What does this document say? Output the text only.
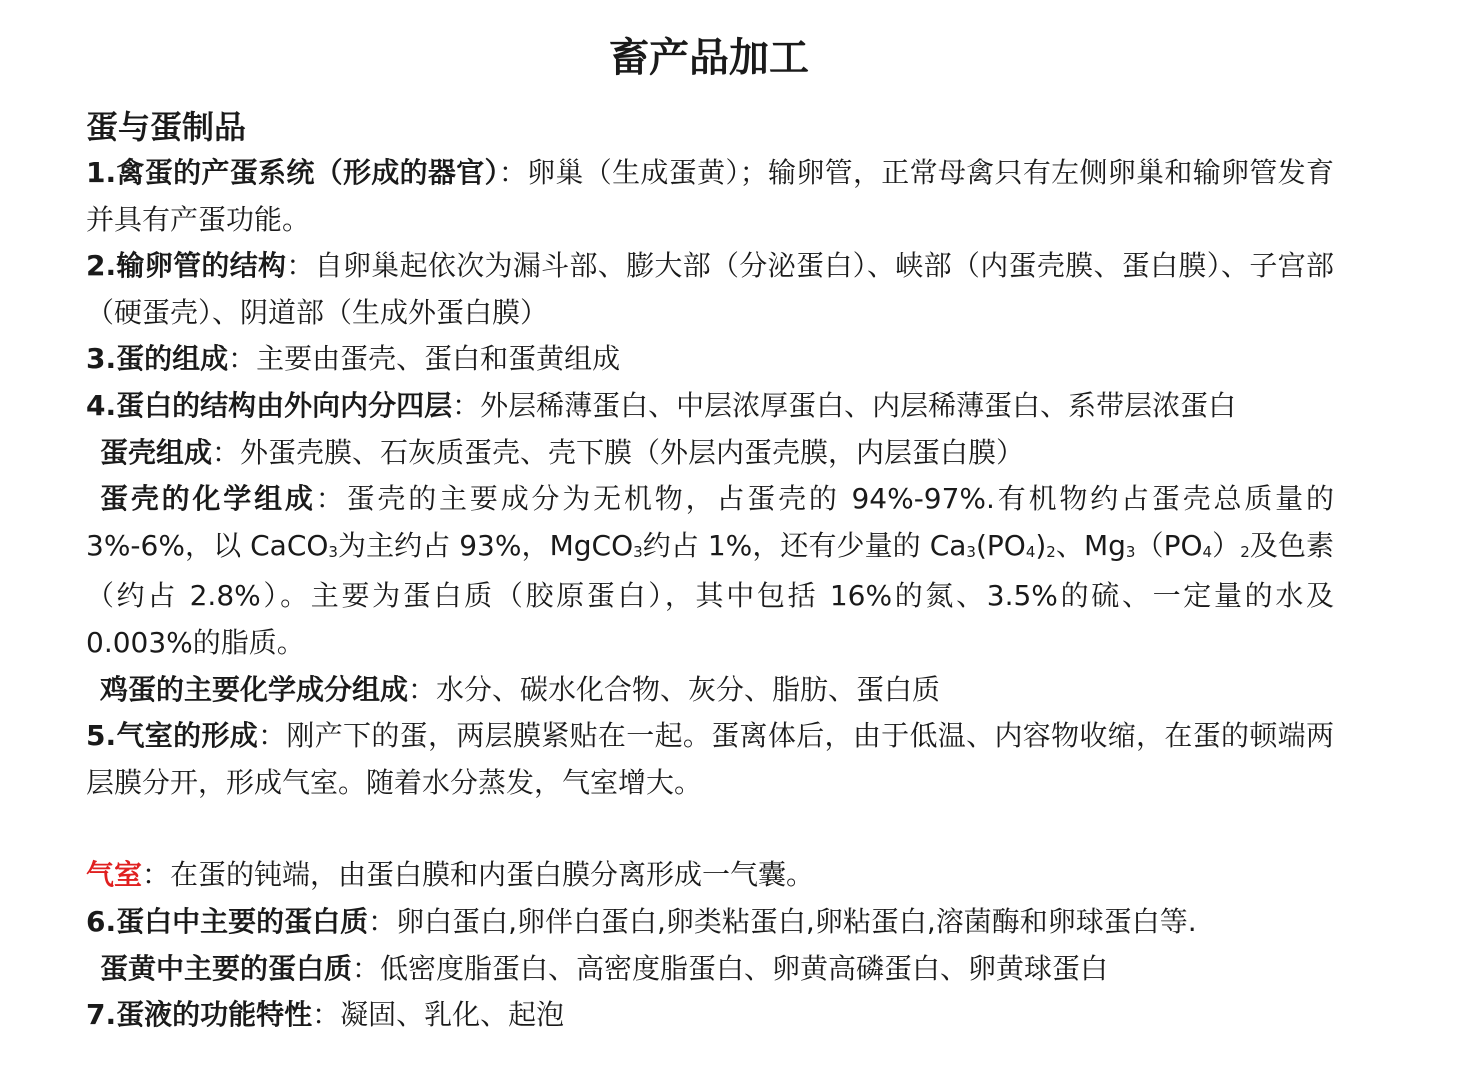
畜产品加工
蛋与蛋制品

1.禽蛋的产蛋系统（形成的器官）：卵巢（生成蛋黄）；输卵管，正常母禽只有左侧卵巢和输卵管发育并具有产蛋功能。

2.输卵管的结构：自卵巢起依次为漏斗部、膨大部（分泌蛋白）、峡部（内蛋壳膜、蛋白膜）、子宫部（硬蛋壳）、阴道部（生成外蛋白膜）

3.蛋的组成：主要由蛋壳、蛋白和蛋黄组成

4.蛋白的结构由外向内分四层：外层稀薄蛋白、中层浓厚蛋白、内层稀薄蛋白、系带层浓蛋白

蛋壳组成：外蛋壳膜、石灰质蛋壳、壳下膜（外层内蛋壳膜，内层蛋白膜）

蛋壳的化学组成：蛋壳的主要成分为无机物，占蛋壳的 94%-97%.有机物约占蛋壳总质量的 3%-6%，以 CaCO$_3$为主约占 93%，MgCO$_3$约占 1%，还有少量的 $Ca_3(PO_4)_2$、$Mg_3(PO_4)_2$及色素（约占 2.8%）。主要为蛋白质（胶原蛋白），其中包括 16%的氮、3.5%的硫、一定量的水及 0.003%的脂质。

鸡蛋的主要化学成分组成：水分、碳水化合物、灰分、脂肪、蛋白质

5.气室的形成：刚产下的蛋，两层膜紧贴在一起。蛋离体后，由于低温、内容物收缩，在蛋的顿端两层膜分开，形成气室。随着水分蒸发，气室增大。

气室：在蛋的钝端，由蛋白膜和内蛋白膜分离形成一气囊。

6.蛋白中主要的蛋白质：卵白蛋白,卵伴白蛋白,卵类粘蛋白,卵粘蛋白,溶菌酶和卵球蛋白等.

蛋黄中主要的蛋白质：低密度脂蛋白、高密度脂蛋白、卵黄高磷蛋白、卵黄球蛋白

7.蛋液的功能特性：凝固、乳化、起泡
